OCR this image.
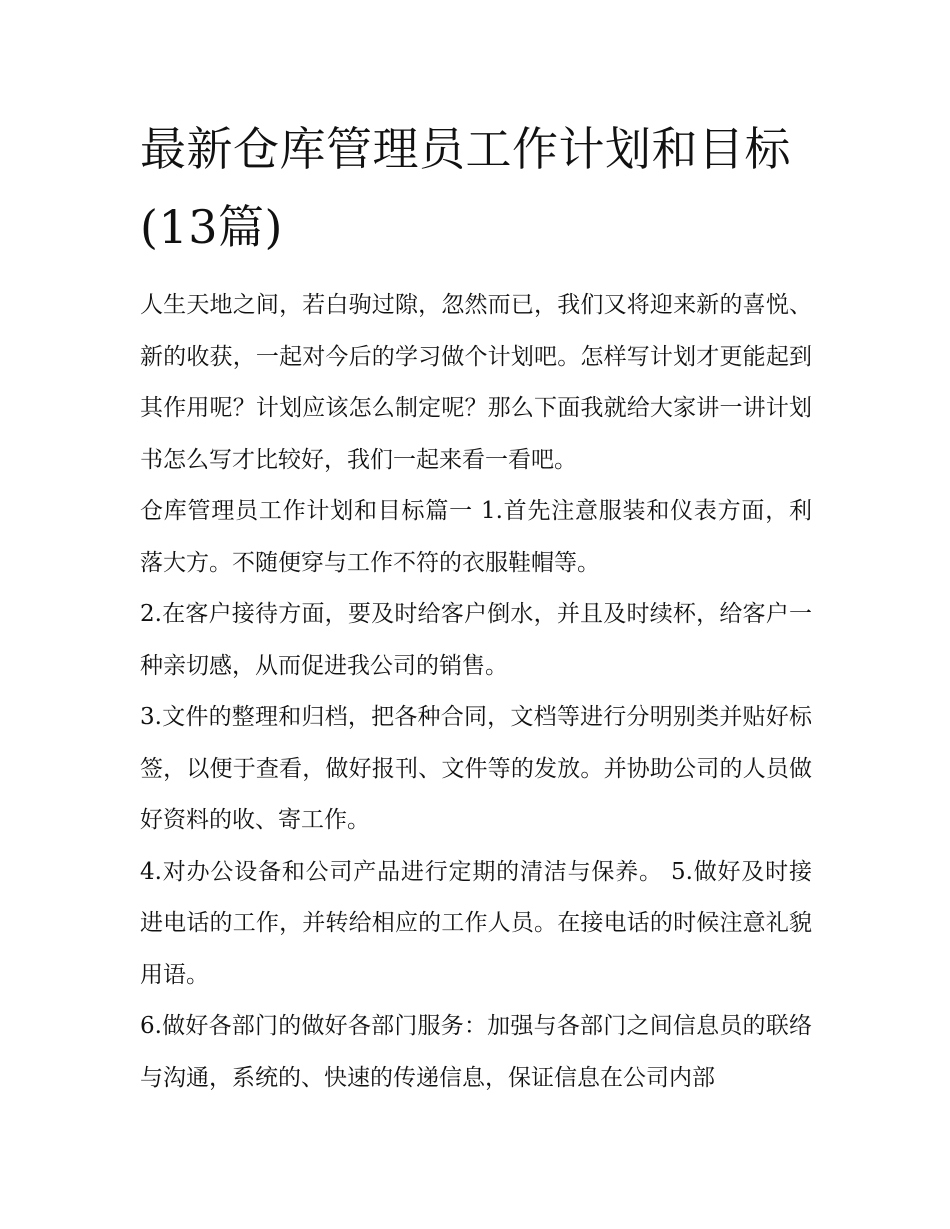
最新仓库管理员工作计划和目标(13篇)

人生天地之间，若白驹过隙，忽然而已，我们又将迎来新的喜悦、新的收获，一起对今后的学习做个计划吧。怎样写计划才更能起到其作用呢？计划应该怎么制定呢？那么下面我就给大家讲一讲计划书怎么写才比较好，我们一起来看一看吧。

仓库管理员工作计划和目标篇一 1.首先注意服装和仪表方面，利落大方。不随便穿与工作不符的衣服鞋帽等。

2.在客户接待方面，要及时给客户倒水，并且及时续杯，给客户一种亲切感，从而促进我公司的销售。

3.文件的整理和归档，把各种合同，文档等进行分明别类并贴好标签，以便于查看，做好报刊、文件等的发放。并协助公司的人员做好资料的收、寄工作。

4.对办公设备和公司产品进行定期的清洁与保养。 5.做好及时接进电话的工作，并转给相应的工作人员。在接电话的时候注意礼貌用语。

6.做好各部门的做好各部门服务：加强与各部门之间信息员的联络与沟通，系统的、快速的传递信息，保证信息在公司内部
